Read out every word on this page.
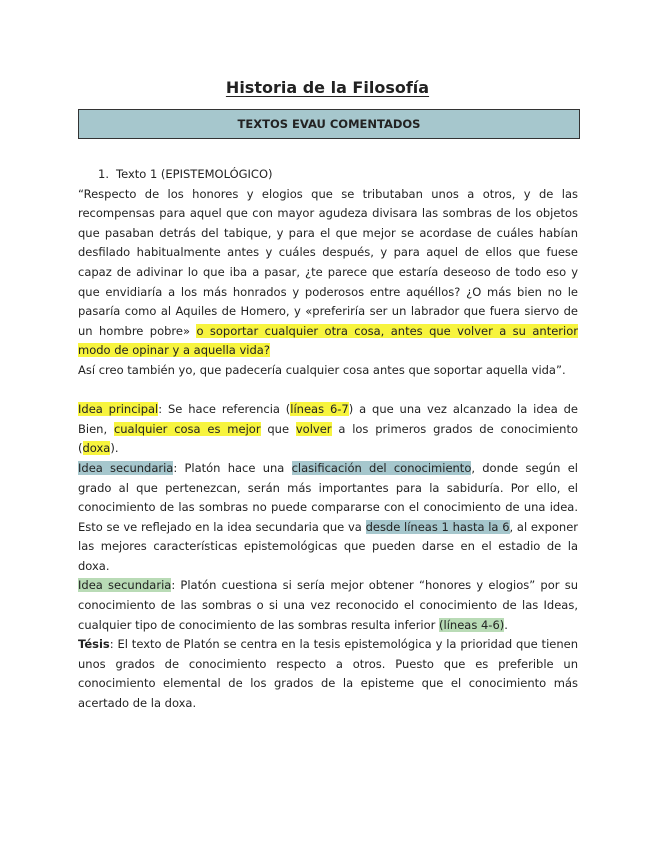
Historia de la Filosofía
TEXTOS EVAU COMENTADOS
1. Texto 1 (EPISTEMOLÓGICO)

“Respecto de los honores y elogios que se tributaban unos a otros, y de las recompensas para aquel que con mayor agudeza divisara las sombras de los objetos que pasaban detrás del tabique, y para el que mejor se acordase de cuáles habían desfilado habitualmente antes y cuáles después, y para aquel de ellos que fuese capaz de adivinar lo que iba a pasar, ¿te parece que estaría deseoso de todo eso y que envidiaría a los más honrados y poderosos entre aquéllos? ¿O más bien no le pasaría como al Aquiles de Homero, y «preferiría ser un labrador que fuera siervo de un hombre pobre» o soportar cualquier otra cosa, antes que volver a su anterior modo de opinar y a aquella vida?

Así creo también yo, que padecería cualquier cosa antes que soportar aquella vida”.

Idea principal: Se hace referencia (líneas 6-7) a que una vez alcanzado la idea de Bien, cualquier cosa es mejor que volver a los primeros grados de conocimiento (doxa).

Idea secundaria: Platón hace una clasificación del conocimiento, donde según el grado al que pertenezcan, serán más importantes para la sabiduría. Por ello, el conocimiento de las sombras no puede compararse con el conocimiento de una idea. Esto se ve reflejado en la idea secundaria que va desde líneas 1 hasta la 6, al exponer las mejores características epistemológicas que pueden darse en el estadio de la doxa.

Idea secundaria: Platón cuestiona si sería mejor obtener “honores y elogios” por su conocimiento de las sombras o si una vez reconocido el conocimiento de las Ideas, cualquier tipo de conocimiento de las sombras resulta inferior (líneas 4-6).

Tésis: El texto de Platón se centra en la tesis epistemológica y la prioridad que tienen unos grados de conocimiento respecto a otros. Puesto que es preferible un conocimiento elemental de los grados de la episteme que el conocimiento más acertado de la doxa.
